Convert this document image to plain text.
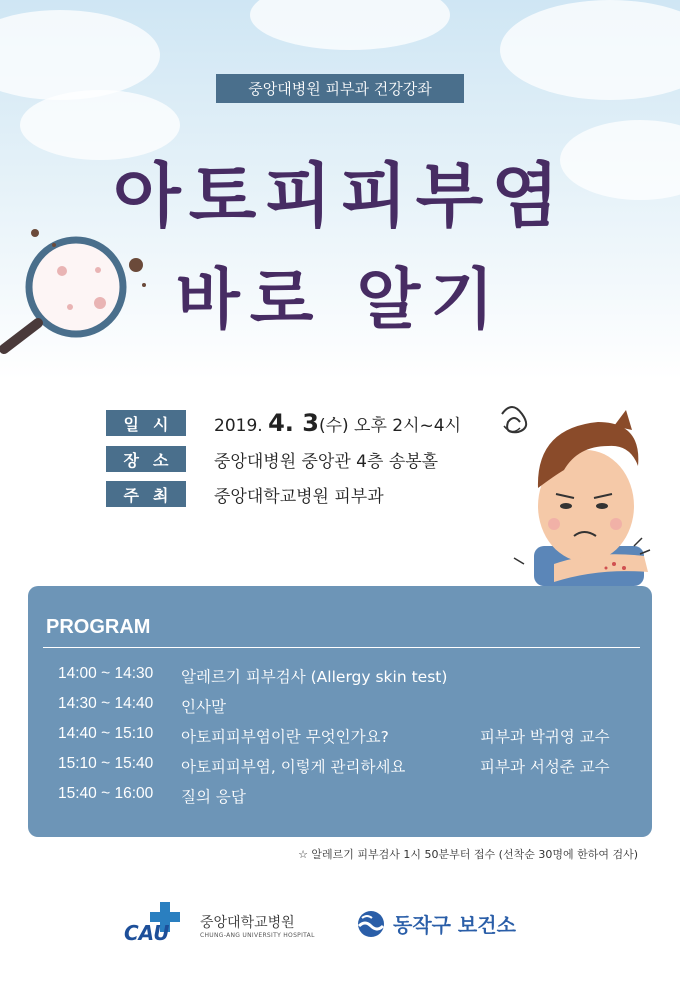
중앙대병원 피부과 건강강좌
아토피피부염
바로 알기
일시 2019. 4. 3(수) 오후 2시~4시
장소 중앙대병원 중앙관 4층 송봉홀
주최 중앙대학교병원 피부과
PROGRAM
14:00 ~ 14:30 알레르기 피부검사 (Allergy skin test)
14:30 ~ 14:40 인사말
14:40 ~ 15:10 아토피피부염이란 무엇인가요?	피부과 박귀영 교수
15:10 ~ 15:40 아토피피부염, 이렇게 관리하세요	피부과 서성준 교수
15:40 ~ 16:00 질의 응답
☆ 알레르기 피부검사 1시 50분부터 접수 (선착순 30명에 한하여 검사)
CAU 중앙대학교병원
CHUNG-ANG UNIVERSITY HOSPITAL	동작구 보건소
